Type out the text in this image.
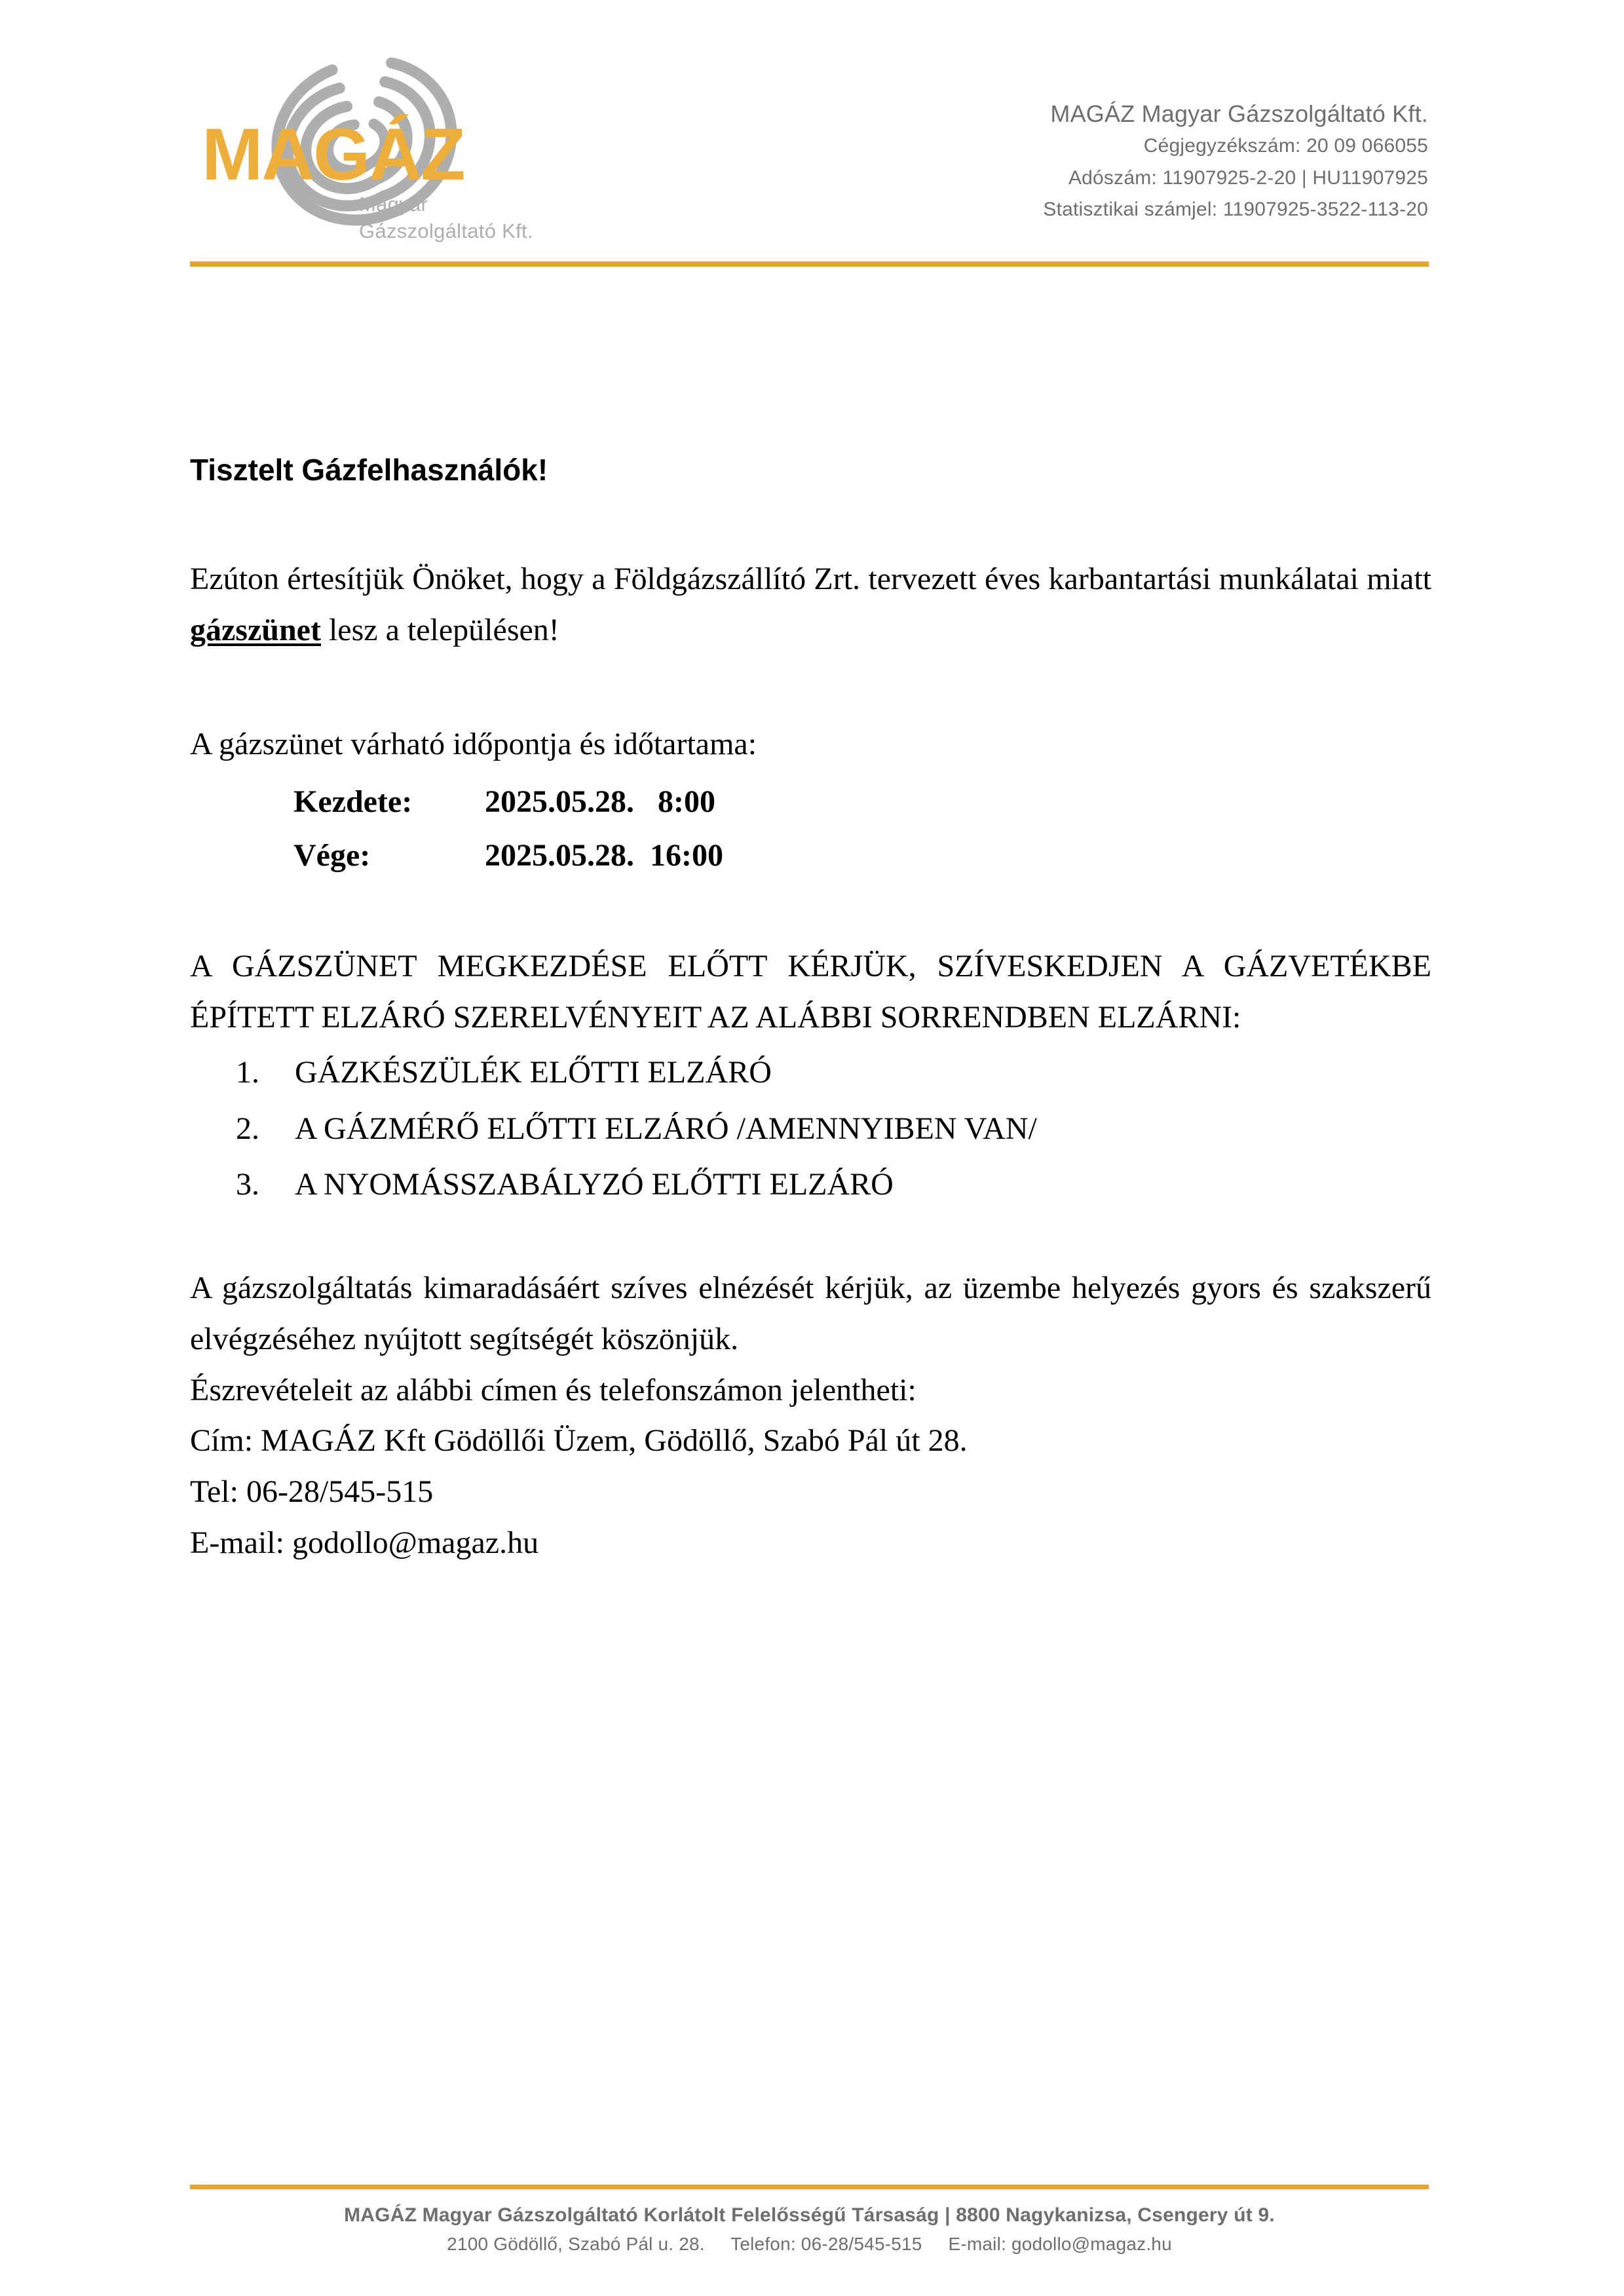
MAGÁZ
Magyar
Gázszolgáltató Kft.
MAGÁZ Magyar Gázszolgáltató Kft.
Cégjegyzékszám: 20 09 066055
Adószám: 11907925-2-20 | HU11907925
Statisztikai számjel: 11907925-3522-113-20
Tisztelt Gázfelhasználók!

Ezúton értesítjük Önöket, hogy a Földgázszállító Zrt. tervezett éves karbantartási munkálatai miatt gázszünet lesz a településen!

A gázszünet várható időpontja és időtartama:

Kezdete:	2025.05.28.   8:00
Vége:	2025.05.28.  16:00

A GÁZSZÜNET MEGKEZDÉSE ELŐTT KÉRJÜK, SZÍVESKEDJEN A GÁZVETÉKBE ÉPÍTETT ELZÁRÓ SZERELVÉNYEIT AZ ALÁBBI SORRENDBEN ELZÁRNI:

1. GÁZKÉSZÜLÉK ELŐTTI ELZÁRÓ
2. A GÁZMÉRŐ ELŐTTI ELZÁRÓ /AMENNYIBEN VAN/
3. A NYOMÁSSZABÁLYZÓ ELŐTTI ELZÁRÓ

A gázszolgáltatás kimaradásáért szíves elnézését kérjük, az üzembe helyezés gyors és szakszerű elvégzéséhez nyújtott segítségét köszönjük.

Észrevételeit az alábbi címen és telefonszámon jelentheti:

Cím: MAGÁZ Kft Gödöllői Üzem, Gödöllő, Szabó Pál út 28.

Tel: 06-28/545-515

E-mail: godollo@magaz.hu

MAGÁZ Magyar Gázszolgáltató Korlátolt Felelősségű Társaság | 8800 Nagykanizsa, Csengery út 9.
2100 Gödöllő, Szabó Pál u. 28.     Telefon: 06-28/545-515     E-mail: godollo@magaz.hu
